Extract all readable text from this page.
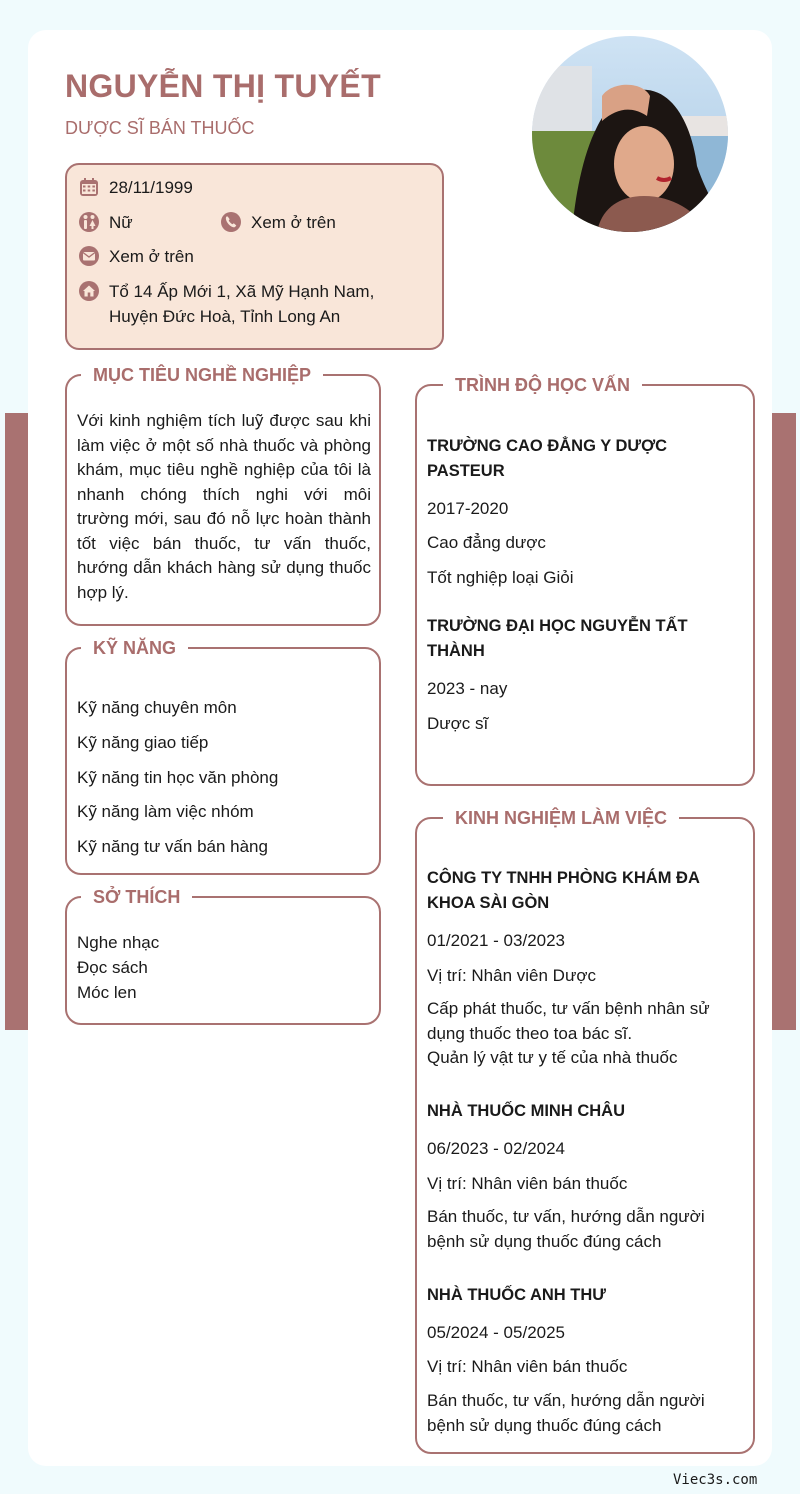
NGUYỄN THỊ TUYẾT
DƯỢC SĨ BÁN THUỐC
28/11/1999
Nữ	Xem ở trên
Xem ở trên
Tổ 14 Ấp Mới 1, Xã Mỹ Hạnh Nam,
Huyện Đức Hoà, Tỉnh Long An
MỤC TIÊU NGHỀ NGHIỆP
Với kinh nghiệm tích luỹ được sau khi
làm việc ở một số nhà thuốc và phòng
khám, mục tiêu nghề nghiệp của tôi là
nhanh chóng thích nghi với môi
trường mới, sau đó nỗ lực hoàn thành
tốt việc bán thuốc, tư vấn thuốc,
hướng dẫn khách hàng sử dụng thuốc
hợp lý.
KỸ NĂNG
Kỹ năng chuyên môn
Kỹ năng giao tiếp
Kỹ năng tin học văn phòng
Kỹ năng làm việc nhóm
Kỹ năng tư vấn bán hàng
SỞ THÍCH
Nghe nhạc
Đọc sách
Móc len
TRÌNH ĐỘ HỌC VẤN
TRƯỜNG CAO ĐẲNG Y DƯỢC
PASTEUR
2017-2020
Cao đẳng dược
Tốt nghiệp loại Giỏi
TRƯỜNG ĐẠI HỌC NGUYỄN TẤT
THÀNH
2023 - nay
Dược sĩ
KINH NGHIỆM LÀM VIỆC
CÔNG TY TNHH PHÒNG KHÁM ĐA
KHOA SÀI GÒN
01/2021 - 03/2023
Vị trí: Nhân viên Dược
Cấp phát thuốc, tư vấn bệnh nhân sử
dụng thuốc theo toa bác sĩ.
Quản lý vật tư y tế của nhà thuốc
NHÀ THUỐC MINH CHÂU
06/2023 - 02/2024
Vị trí: Nhân viên bán thuốc
Bán thuốc, tư vấn, hướng dẫn người
bệnh sử dụng thuốc đúng cách
NHÀ THUỐC ANH THƯ
05/2024 - 05/2025
Vị trí: Nhân viên bán thuốc
Bán thuốc, tư vấn, hướng dẫn người
bệnh sử dụng thuốc đúng cách
Viec3s.com
